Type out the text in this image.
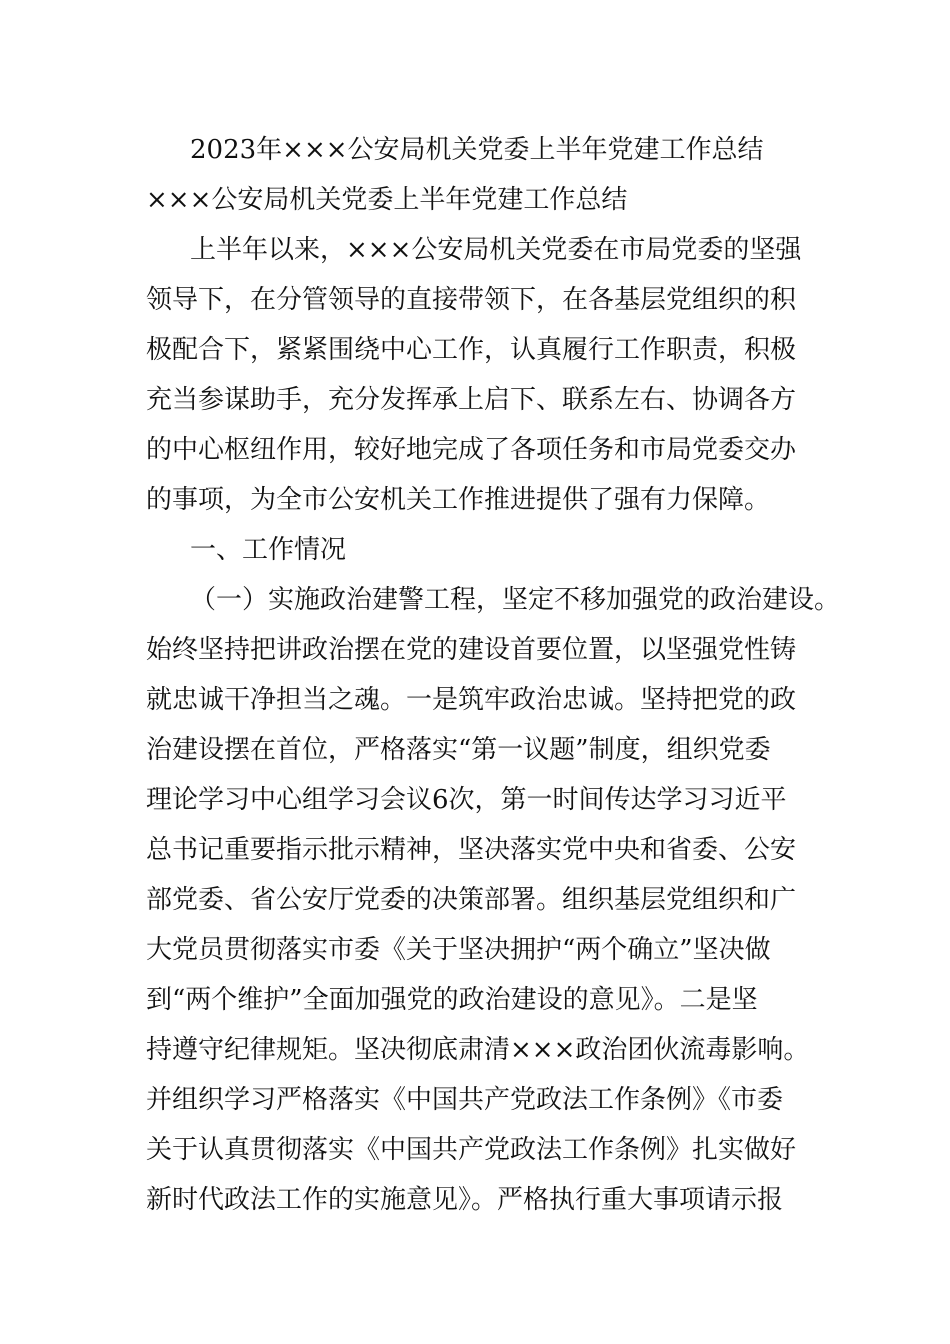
2023年×××公安局机关党委上半年党建工作总结
×××公安局机关党委上半年党建工作总结
上半年以来，×××公安局机关党委在市局党委的坚强
领导下，在分管领导的直接带领下，在各基层党组织的积
极配合下，紧紧围绕中心工作，认真履行工作职责，积极
充当参谋助手，充分发挥承上启下、联系左右、协调各方
的中心枢纽作用，较好地完成了各项任务和市局党委交办
的事项，为全市公安机关工作推进提供了强有力保障。
一、工作情况
（一）实施政治建警工程，坚定不移加强党的政治建设。
始终坚持把讲政治摆在党的建设首要位置，以坚强党性铸
就忠诚干净担当之魂。一是筑牢政治忠诚。坚持把党的政
治建设摆在首位，严格落实“第一议题”制度，组织党委
理论学习中心组学习会议6次，第一时间传达学习习近平
总书记重要指示批示精神，坚决落实党中央和省委、公安
部党委、省公安厅党委的决策部署。组织基层党组织和广
大党员贯彻落实市委《关于坚决拥护“两个确立”坚决做
到“两个维护”全面加强党的政治建设的意见》。二是坚
持遵守纪律规矩。坚决彻底肃清×××政治团伙流毒影响。
并组织学习严格落实《中国共产党政法工作条例》《市委
关于认真贯彻落实《中国共产党政法工作条例》扎实做好
新时代政法工作的实施意见》。严格执行重大事项请示报
